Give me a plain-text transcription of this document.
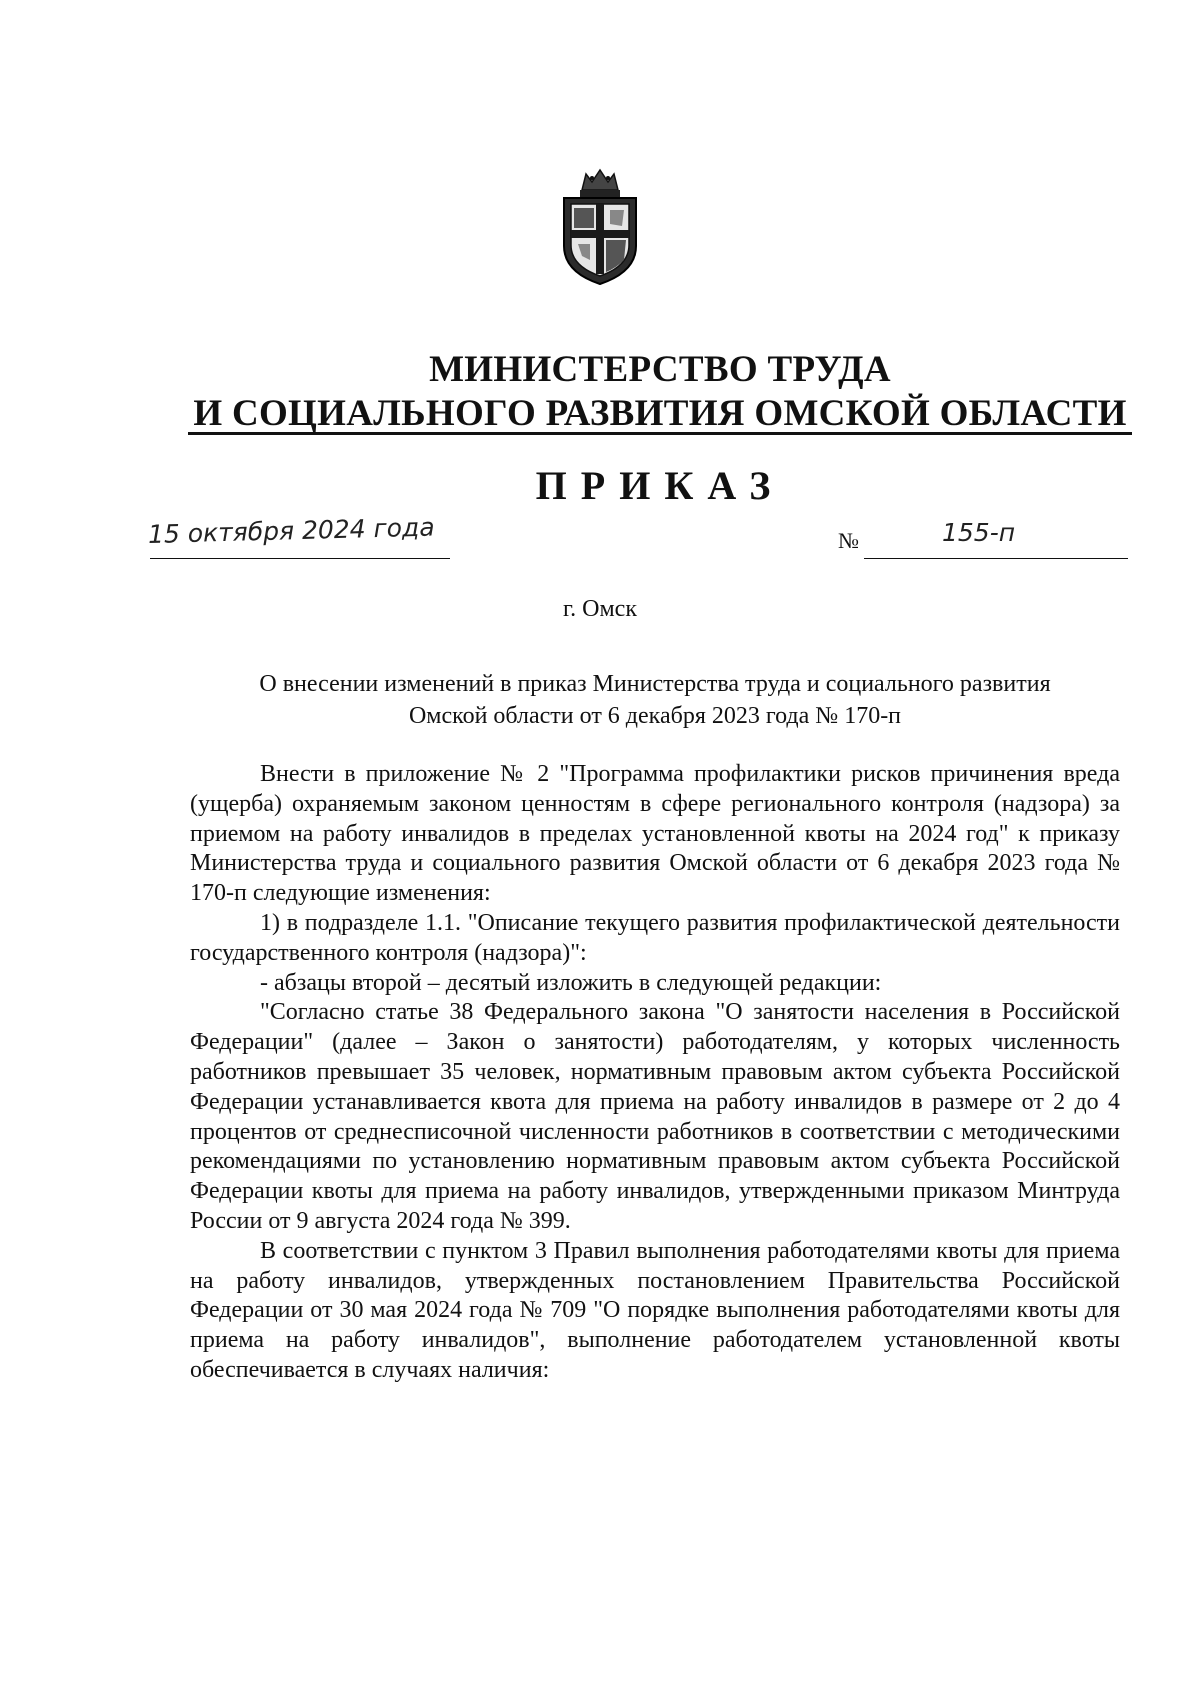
МИНИСТЕРСТВО ТРУДА
И СОЦИАЛЬНОГО РАЗВИТИЯ ОМСКОЙ ОБЛАСТИ
ПРИКАЗ
15 октября 2024 года	№	155-п
г. Омск
О внесении изменений в приказ Министерства труда и социального развития
Омской области от 6 декабря 2023 года № 170-п

Внести в приложение № 2 "Программа профилактики рисков причинения вреда (ущерба) охраняемым законом ценностям в сфере регионального контроля (надзора) за приемом на работу инвалидов в пределах установленной квоты на 2024 год" к приказу Министерства труда и социального развития Омской области от 6 декабря 2023 года № 170-п следующие изменения:

1) в подразделе 1.1. "Описание текущего развития профилактической деятельности государственного контроля (надзора)":

- абзацы второй – десятый изложить в следующей редакции:

"Согласно статье 38 Федерального закона "О занятости населения в Российской Федерации" (далее – Закон о занятости) работодателям, у которых численность работников превышает 35 человек, нормативным правовым актом субъекта Российской Федерации устанавливается квота для приема на работу инвалидов в размере от 2 до 4 процентов от среднесписочной численности работников в соответствии с методическими рекомендациями по установлению нормативным правовым актом субъекта Российской Федерации квоты для приема на работу инвалидов, утвержденными приказом Минтруда России от 9 августа 2024 года № 399.

В соответствии с пунктом 3 Правил выполнения работодателями квоты для приема на работу инвалидов, утвержденных постановлением Правительства Российской Федерации от 30 мая 2024 года № 709 "О порядке выполнения работодателями квоты для приема на работу инвалидов", выполнение работодателем установленной квоты обеспечивается в случаях наличия:
